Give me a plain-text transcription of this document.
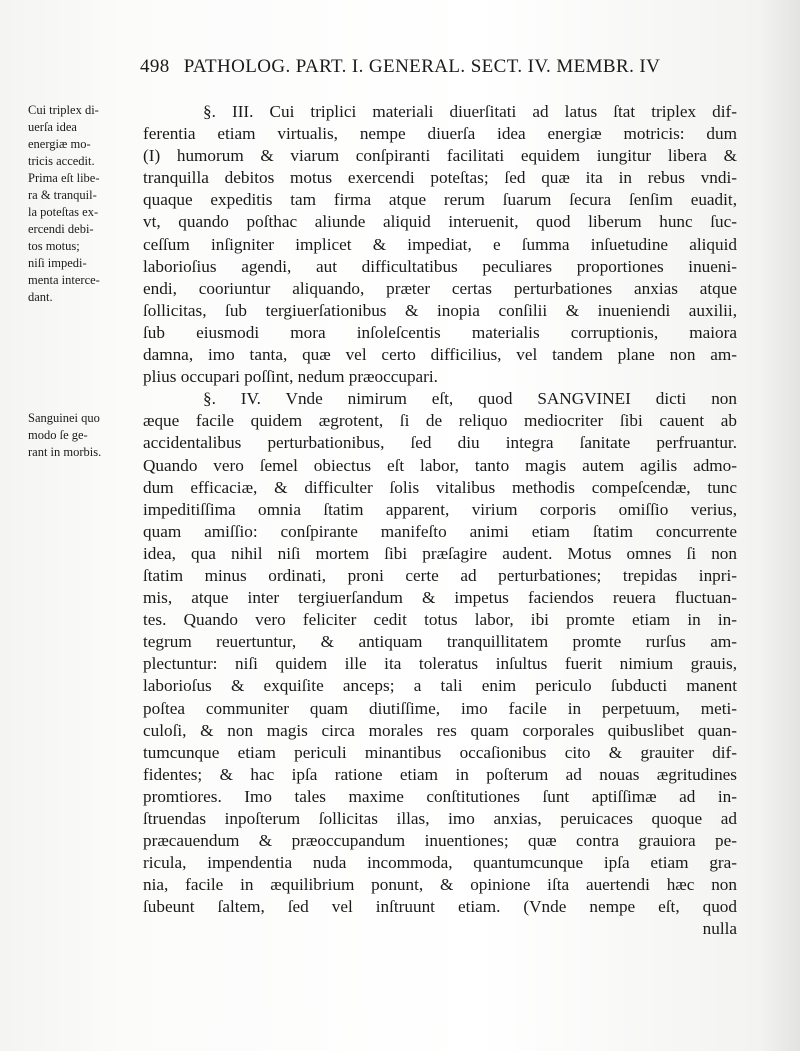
498 PATHOLOG. PART. I. GENERAL. SECT. IV. MEMBR. IV
Cui triplex di-
uerſa idea
energiæ mo-
tricis accedit.
Prima eſt libe-
ra & tranquil-
la poteſtas ex-
ercendi debi-
tos motus;
niſi impedi-
menta interce-
dant.
Sanguinei quo
modo ſe ge-
rant in morbis.
§. III. Cui triplici materiali diuerſitati ad latus ſtat triplex dif-
ferentia etiam virtualis, nempe diuerſa idea energiæ motricis: dum
(I) humorum & viarum conſpiranti facilitati equidem iungitur libera &
tranquilla debitos motus exercendi poteſtas; ſed quæ ita in rebus vndi-
quaque expeditis tam firma atque rerum ſuarum ſecura ſenſim euadit,
vt, quando poſthac aliunde aliquid interuenit, quod liberum hunc ſuc-
ceſſum inſigniter implicet & impediat, e ſumma inſuetudine aliquid
laborioſius agendi, aut difficultatibus peculiares proportiones inueni-
endi, cooriuntur aliquando, præter certas perturbationes anxias atque
ſollicitas, ſub tergiuerſationibus & inopia conſilii & inueniendi auxilii,
ſub eiusmodi mora inſoleſcentis materialis corruptionis, maiora
damna, imo tanta, quæ vel certo difficilius, vel tandem plane non am-
plius occupari poſſint, nedum præoccupari.
§. IV. Vnde nimirum eſt, quod SANGVINEI dicti non
æque facile quidem ægrotent, ſi de reliquo mediocriter ſibi cauent ab
accidentalibus perturbationibus, ſed diu integra ſanitate perfruantur.
Quando vero ſemel obiectus eſt labor, tanto magis autem agilis admo-
dum efficaciæ, & difficulter ſolis vitalibus methodis compeſcendæ, tunc
impeditiſſima omnia ſtatim apparent, virium corporis omiſſio verius,
quam amiſſio: conſpirante manifeſto animi etiam ſtatim concurrente
idea, qua nihil niſi mortem ſibi præſagire audent. Motus omnes ſi non
ſtatim minus ordinati, proni certe ad perturbationes; trepidas inpri-
mis, atque inter tergiuerſandum & impetus faciendos reuera fluctuan-
tes. Quando vero feliciter cedit totus labor, ibi promte etiam in in-
tegrum reuertuntur, & antiquam tranquillitatem promte rurſus am-
plectuntur: niſi quidem ille ita toleratus inſultus fuerit nimium grauis,
laborioſus & exquiſite anceps; a tali enim periculo ſubducti manent
poſtea communiter quam diutiſſime, imo facile in perpetuum, meti-
culoſi, & non magis circa morales res quam corporales quibuslibet quan-
tumcunque etiam periculi minantibus occaſionibus cito & grauiter dif-
fidentes; & hac ipſa ratione etiam in poſterum ad nouas ægritudines
promtiores. Imo tales maxime conſtitutiones ſunt aptiſſimæ ad in-
ſtruendas inpoſterum ſollicitas illas, imo anxias, peruicaces quoque ad
præcauendum & præoccupandum inuentiones; quæ contra grauiora pe-
ricula, impendentia nuda incommoda, quantumcunque ipſa etiam gra-
nia, facile in æquilibrium ponunt, & opinione iſta auertendi hæc non
ſubeunt ſaltem, ſed vel inſtruunt etiam. (Vnde nempe eſt, quod
nulla
